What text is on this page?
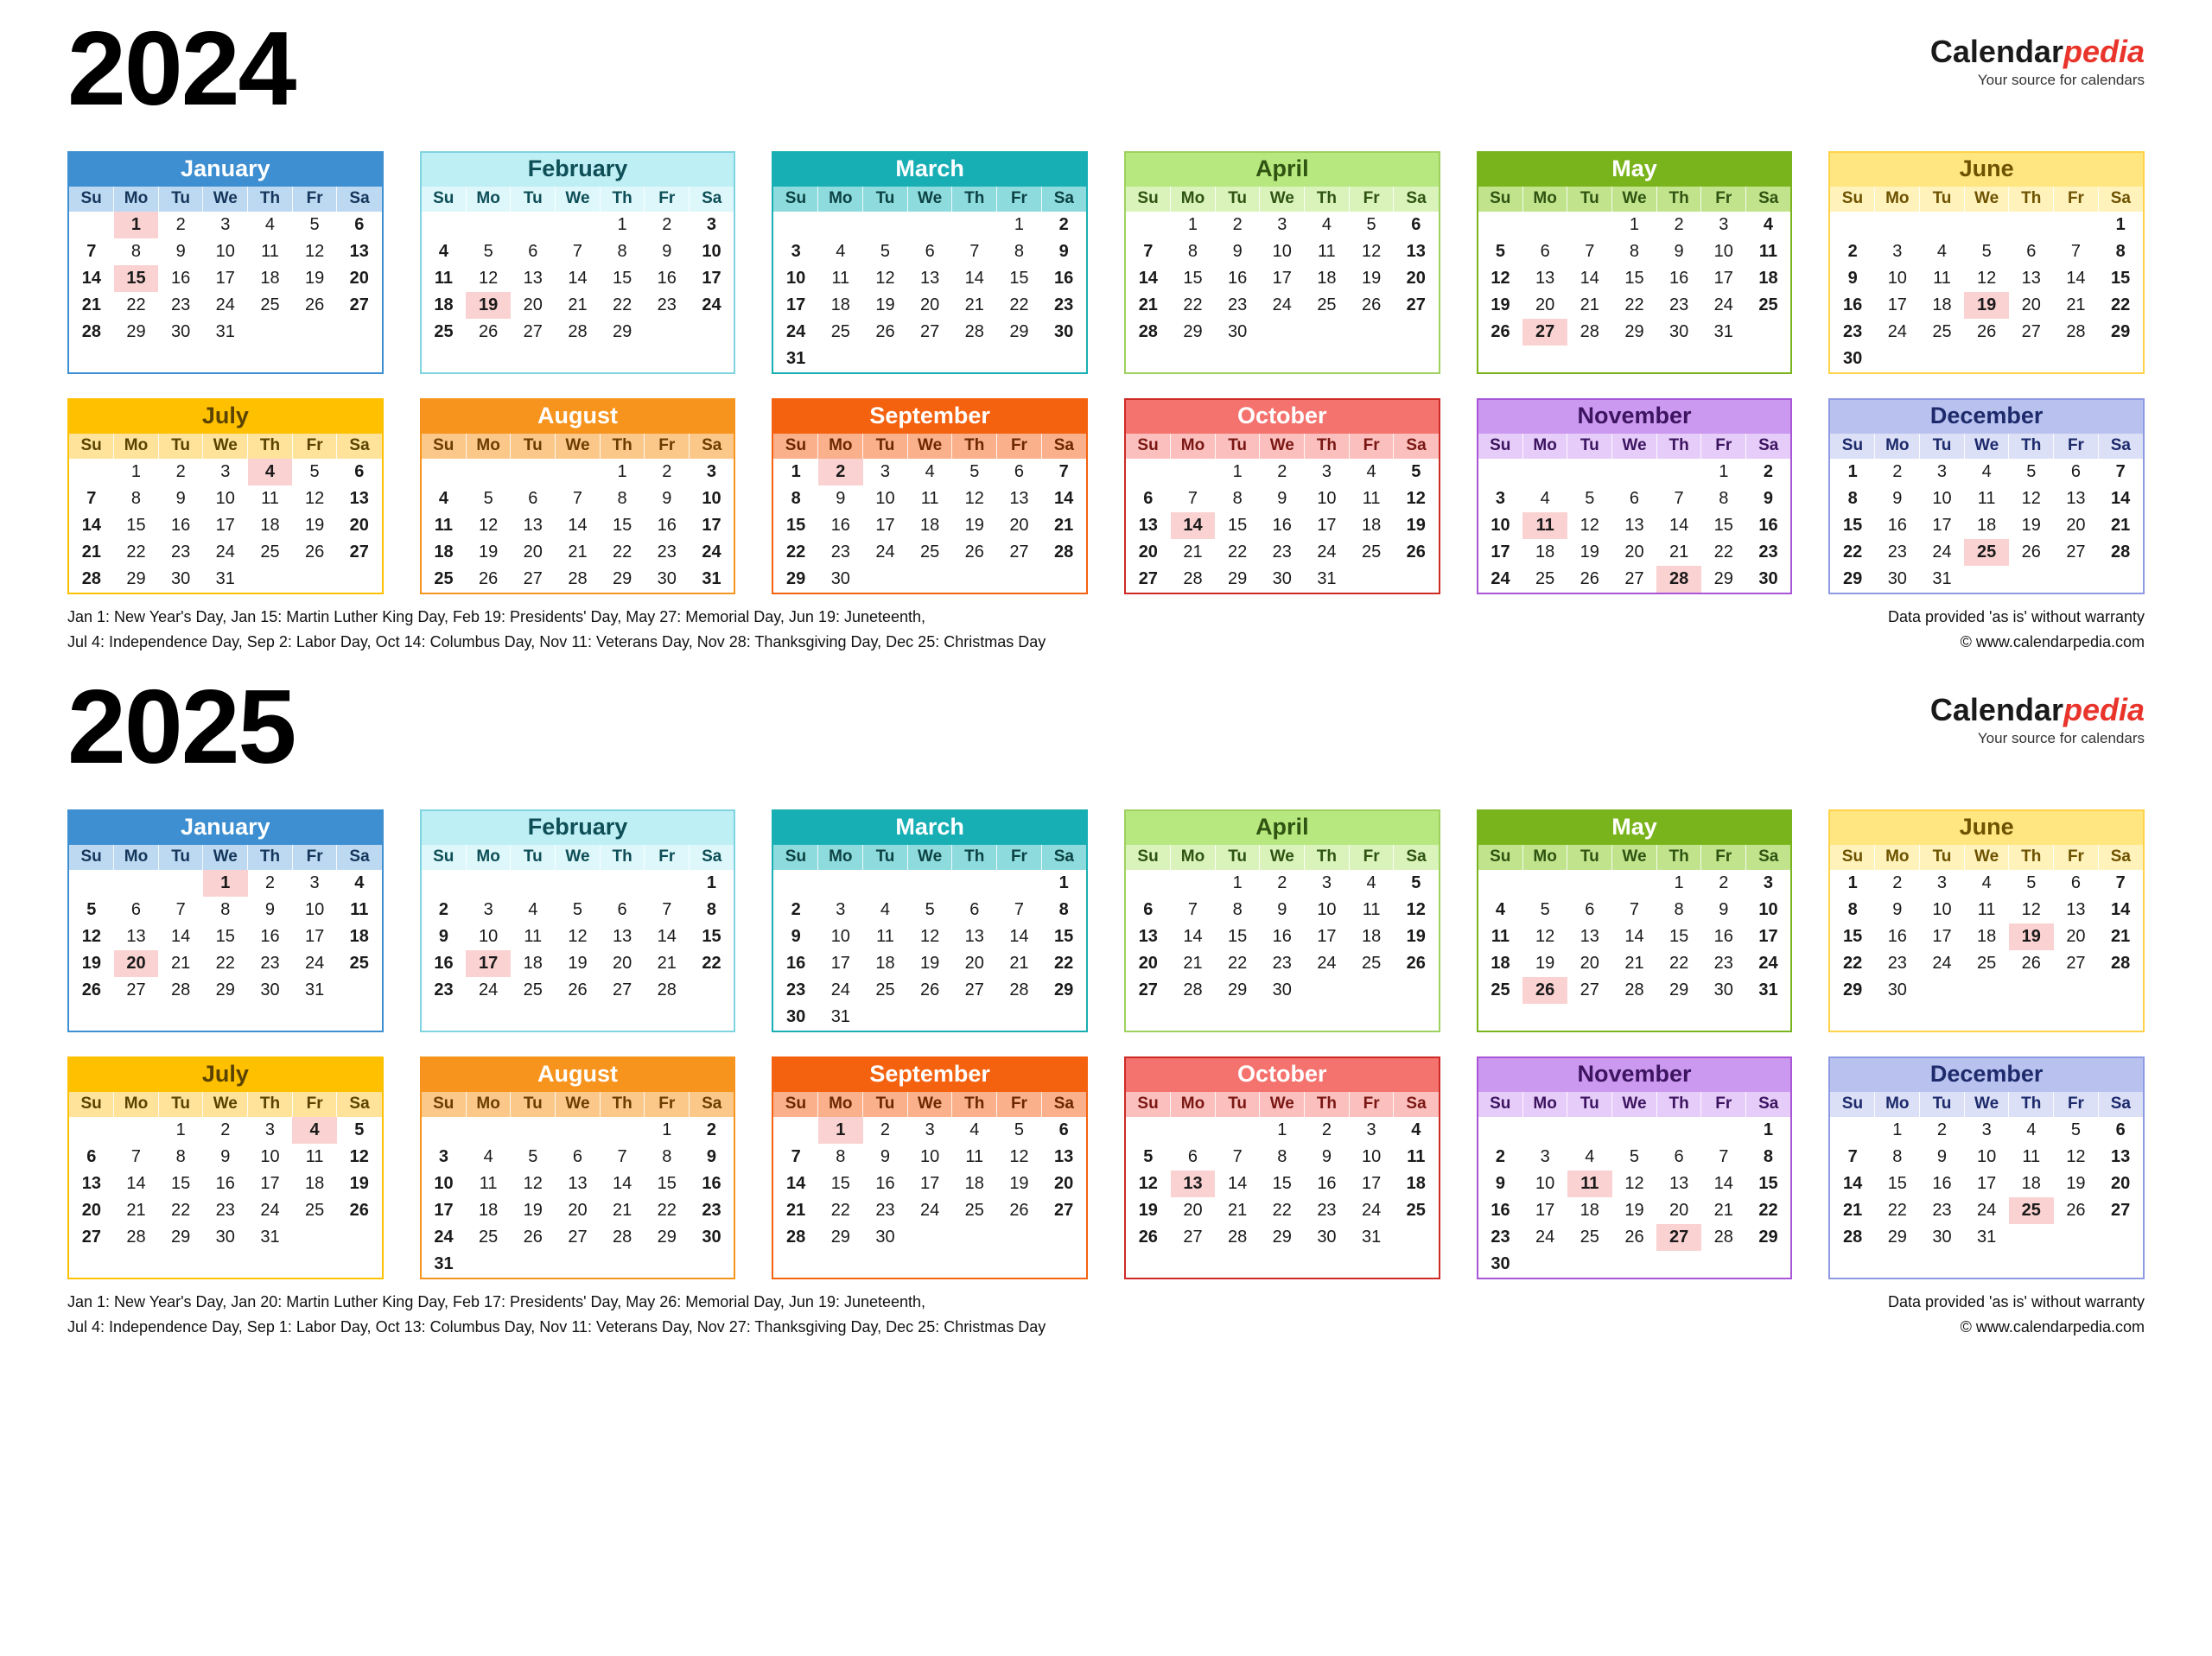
2024	Calendarpedia
Your source for calendars
January
Su	Mo	Tu	We	Th	Fr	Sa
	1	2	3	4	5	6
7	8	9	10	11	12	13
14	15	16	17	18	19	20
21	22	23	24	25	26	27
28	29	30	31			
February
Su	Mo	Tu	We	Th	Fr	Sa
				1	2	3
4	5	6	7	8	9	10
11	12	13	14	15	16	17
18	19	20	21	22	23	24
25	26	27	28	29		
March
Su	Mo	Tu	We	Th	Fr	Sa
					1	2
3	4	5	6	7	8	9
10	11	12	13	14	15	16
17	18	19	20	21	22	23
24	25	26	27	28	29	30
31						
April
Su	Mo	Tu	We	Th	Fr	Sa
	1	2	3	4	5	6
7	8	9	10	11	12	13
14	15	16	17	18	19	20
21	22	23	24	25	26	27
28	29	30				
May
Su	Mo	Tu	We	Th	Fr	Sa
			1	2	3	4
5	6	7	8	9	10	11
12	13	14	15	16	17	18
19	20	21	22	23	24	25
26	27	28	29	30	31	
June
Su	Mo	Tu	We	Th	Fr	Sa
						1
2	3	4	5	6	7	8
9	10	11	12	13	14	15
16	17	18	19	20	21	22
23	24	25	26	27	28	29
30						
July
Su	Mo	Tu	We	Th	Fr	Sa
	1	2	3	4	5	6
7	8	9	10	11	12	13
14	15	16	17	18	19	20
21	22	23	24	25	26	27
28	29	30	31			
August
Su	Mo	Tu	We	Th	Fr	Sa
				1	2	3
4	5	6	7	8	9	10
11	12	13	14	15	16	17
18	19	20	21	22	23	24
25	26	27	28	29	30	31
September
Su	Mo	Tu	We	Th	Fr	Sa
1	2	3	4	5	6	7
8	9	10	11	12	13	14
15	16	17	18	19	20	21
22	23	24	25	26	27	28
29	30					
October
Su	Mo	Tu	We	Th	Fr	Sa
		1	2	3	4	5
6	7	8	9	10	11	12
13	14	15	16	17	18	19
20	21	22	23	24	25	26
27	28	29	30	31		
November
Su	Mo	Tu	We	Th	Fr	Sa
					1	2
3	4	5	6	7	8	9
10	11	12	13	14	15	16
17	18	19	20	21	22	23
24	25	26	27	28	29	30
December
Su	Mo	Tu	We	Th	Fr	Sa
1	2	3	4	5	6	7
8	9	10	11	12	13	14
15	16	17	18	19	20	21
22	23	24	25	26	27	28
29	30	31				
Jan 1: New Year's Day, Jan 15: Martin Luther King Day, Feb 19: Presidents' Day, May 27: Memorial Day, Jun 19: Juneteenth,
Jul 4: Independence Day, Sep 2: Labor Day, Oct 14: Columbus Day, Nov 11: Veterans Day, Nov 28: Thanksgiving Day, Dec 25: Christmas Day
Data provided 'as is' without warranty
© www.calendarpedia.com
2025	Calendarpedia
Your source for calendars
January
Su	Mo	Tu	We	Th	Fr	Sa
			1	2	3	4
5	6	7	8	9	10	11
12	13	14	15	16	17	18
19	20	21	22	23	24	25
26	27	28	29	30	31	
February
Su	Mo	Tu	We	Th	Fr	Sa
						1
2	3	4	5	6	7	8
9	10	11	12	13	14	15
16	17	18	19	20	21	22
23	24	25	26	27	28	
March
Su	Mo	Tu	We	Th	Fr	Sa
						1
2	3	4	5	6	7	8
9	10	11	12	13	14	15
16	17	18	19	20	21	22
23	24	25	26	27	28	29
30	31					
April
Su	Mo	Tu	We	Th	Fr	Sa
		1	2	3	4	5
6	7	8	9	10	11	12
13	14	15	16	17	18	19
20	21	22	23	24	25	26
27	28	29	30			
May
Su	Mo	Tu	We	Th	Fr	Sa
				1	2	3
4	5	6	7	8	9	10
11	12	13	14	15	16	17
18	19	20	21	22	23	24
25	26	27	28	29	30	31
June
Su	Mo	Tu	We	Th	Fr	Sa
1	2	3	4	5	6	7
8	9	10	11	12	13	14
15	16	17	18	19	20	21
22	23	24	25	26	27	28
29	30					
July
Su	Mo	Tu	We	Th	Fr	Sa
		1	2	3	4	5
6	7	8	9	10	11	12
13	14	15	16	17	18	19
20	21	22	23	24	25	26
27	28	29	30	31		
August
Su	Mo	Tu	We	Th	Fr	Sa
					1	2
3	4	5	6	7	8	9
10	11	12	13	14	15	16
17	18	19	20	21	22	23
24	25	26	27	28	29	30
31						
September
Su	Mo	Tu	We	Th	Fr	Sa
	1	2	3	4	5	6
7	8	9	10	11	12	13
14	15	16	17	18	19	20
21	22	23	24	25	26	27
28	29	30				
October
Su	Mo	Tu	We	Th	Fr	Sa
			1	2	3	4
5	6	7	8	9	10	11
12	13	14	15	16	17	18
19	20	21	22	23	24	25
26	27	28	29	30	31	
November
Su	Mo	Tu	We	Th	Fr	Sa
						1
2	3	4	5	6	7	8
9	10	11	12	13	14	15
16	17	18	19	20	21	22
23	24	25	26	27	28	29
30						
December
Su	Mo	Tu	We	Th	Fr	Sa
	1	2	3	4	5	6
7	8	9	10	11	12	13
14	15	16	17	18	19	20
21	22	23	24	25	26	27
28	29	30	31			
Jan 1: New Year's Day, Jan 20: Martin Luther King Day, Feb 17: Presidents' Day, May 26: Memorial Day, Jun 19: Juneteenth,
Jul 4: Independence Day, Sep 1: Labor Day, Oct 13: Columbus Day, Nov 11: Veterans Day, Nov 27: Thanksgiving Day, Dec 25: Christmas Day
Data provided 'as is' without warranty
© www.calendarpedia.com
